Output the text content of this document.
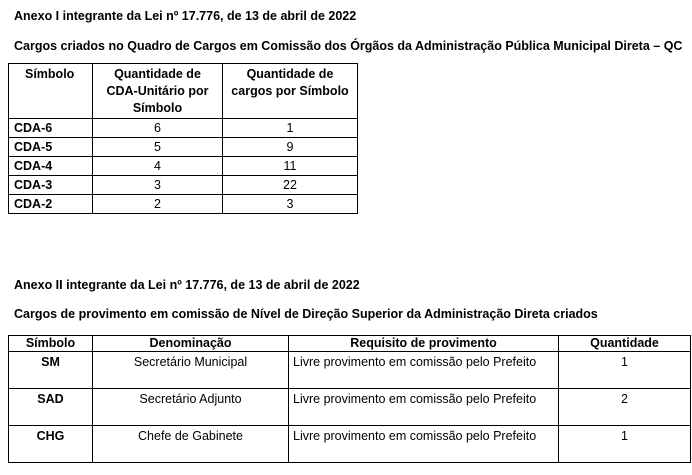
Anexo I integrante da Lei nº 17.776, de 13 de abril de 2022
Cargos criados no Quadro de Cargos em Comissão dos Órgãos da Administração Pública Municipal Direta – QC
Símbolo	Quantidade de CDA-Unitário por Símbolo	Quantidade de cargos por Símbolo
CDA-6	6	1
CDA-5	5	9
CDA-4	4	11
CDA-3	3	22
CDA-2	2	3
Anexo II integrante da Lei nº 17.776, de 13 de abril de 2022
Cargos de provimento em comissão de Nível de Direção Superior da Administração Direta criados
Símbolo	Denominação	Requisito de provimento	Quantidade
SM	Secretário Municipal	Livre provimento em comissão pelo Prefeito	1
SAD	Secretário Adjunto	Livre provimento em comissão pelo Prefeito	2
CHG	Chefe de Gabinete	Livre provimento em comissão pelo Prefeito	1
